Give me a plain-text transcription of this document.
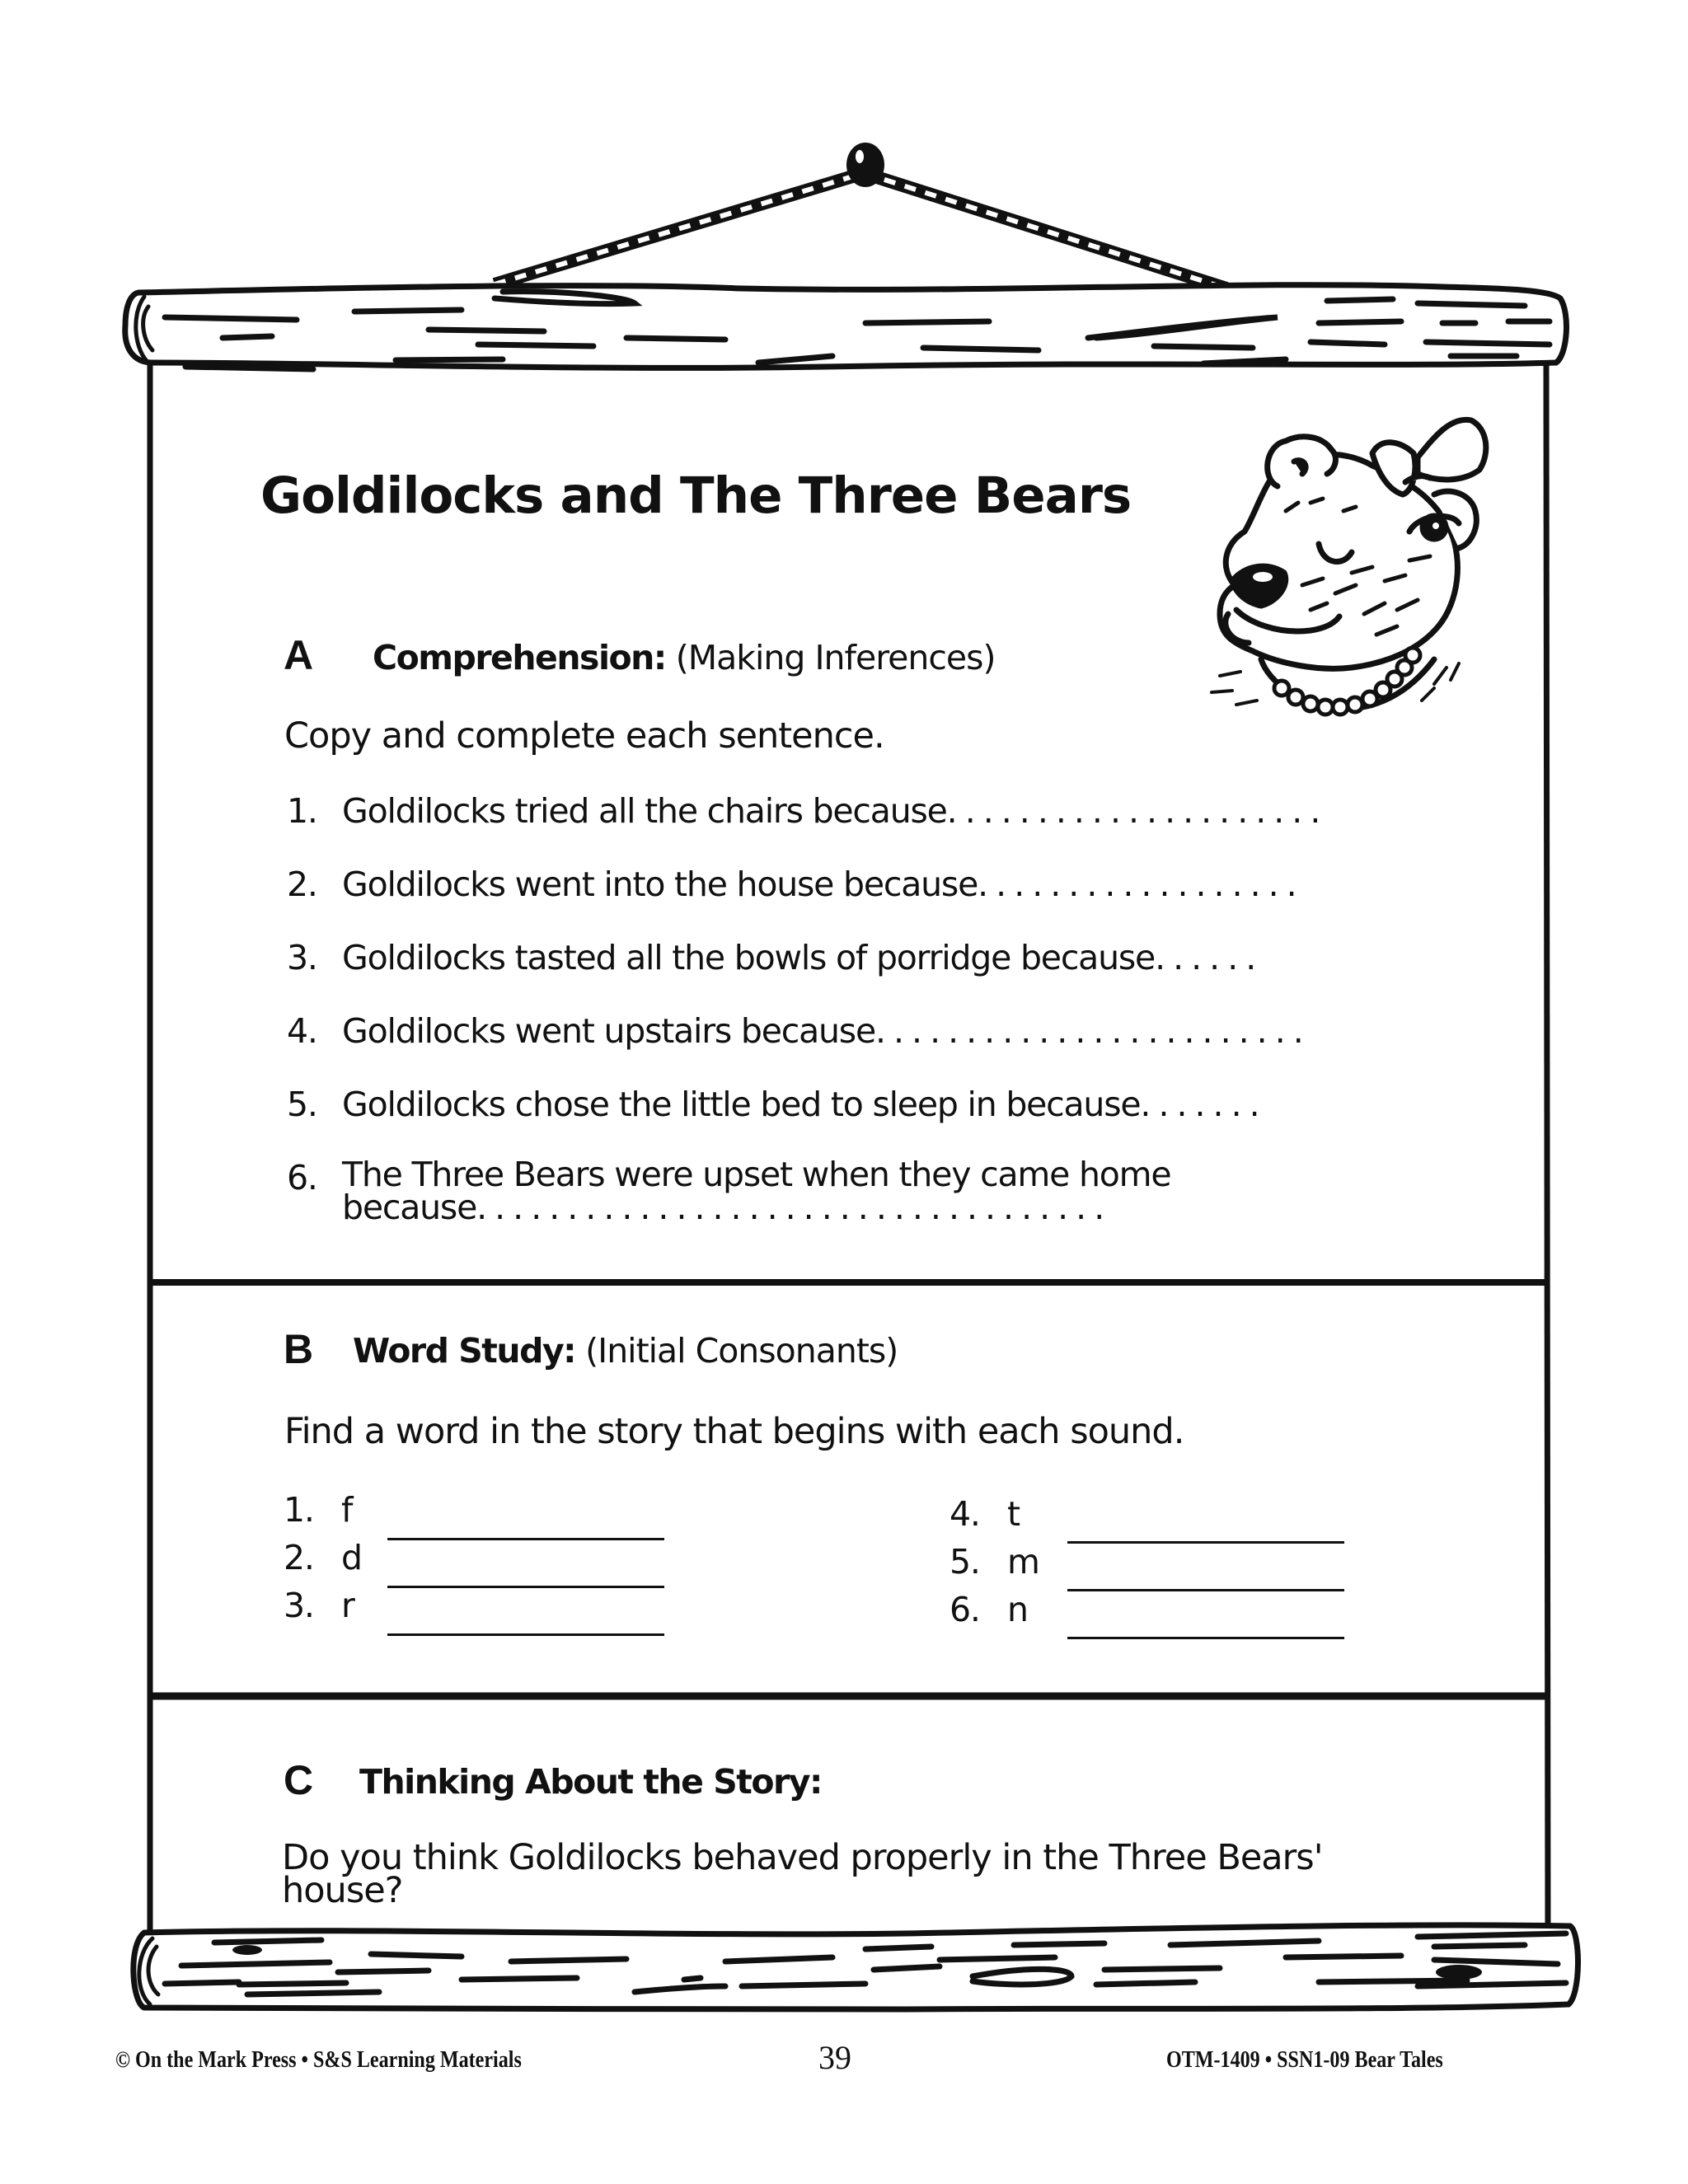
Goldilocks and The Three Bears
A Comprehension: (Making Inferences)
Copy and complete each sentence.
1. Goldilocks tried all the chairs because.....................
2. Goldilocks went into the house because..................
3. Goldilocks tasted all the bowls of porridge because......
4. Goldilocks went upstairs because........................
5. Goldilocks chose the little bed to sleep in because.......
6. The Three Bears were upset when they came home
because...................................
B Word Study: (Initial Consonants)
Find a word in the story that begins with each sound.
1. f
2. d
3. r
4. t
5. m
6. n
C Thinking About the Story:
Do you think Goldilocks behaved properly in the Three Bears'
house?
© On the Mark Press • S&S Learning Materials	39	OTM-1409 • SSN1-09 Bear Tales
